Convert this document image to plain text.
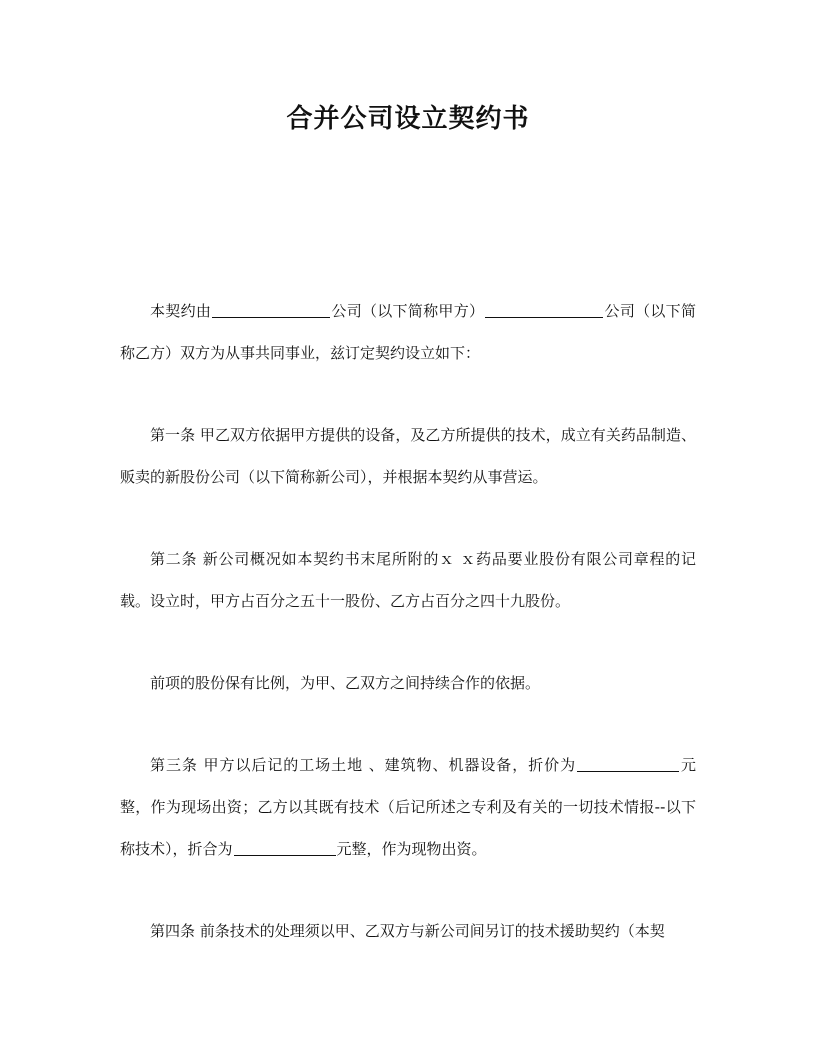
合并公司设立契约书

本契约由	公司（以下简称甲方）	公司（以下简称乙方）双方为从事共同事业，兹订定契约设立如下：

第一条 甲乙双方依据甲方提供的设备，及乙方所提供的技术，成立有关药品制造、贩卖的新股份公司（以下简称新公司），并根据本契约从事营运。

第二条 新公司概况如本契约书末尾所附的ｘ ｘ药品要业股份有限公司章程的记载。设立时，甲方占百分之五十一股份、乙方占百分之四十九股份。

前项的股份保有比例，为甲、乙双方之间持续合作的依据。

第三条 甲方以后记的工场土地 、建筑物、机器设备，折价为	元整，作为现场出资；乙方以其既有技术（后记所述之专利及有关的一切技术情报--以下称技术），折合为	元整，作为现物出资。

第四条 前条技术的处理须以甲、乙双方与新公司间另订的技术援助契约（本契
